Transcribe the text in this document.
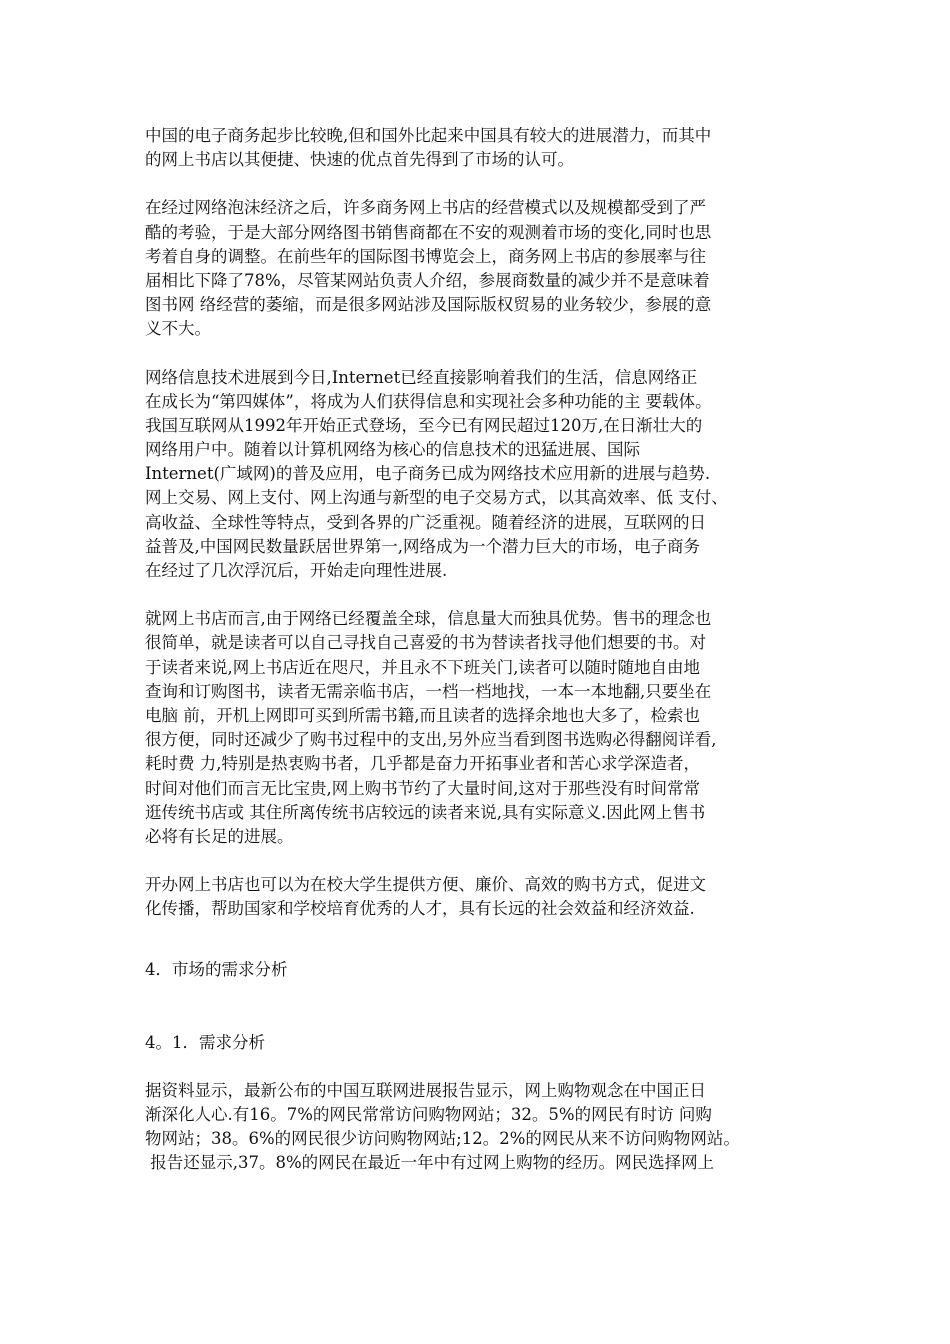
中国的电子商务起步比较晚,但和国外比起来中国具有较大的进展潜力，而其中
的网上书店以其便捷、快速的优点首先得到了市场的认可。
在经过网络泡沫经济之后，许多商务网上书店的经营模式以及规模都受到了严
酷的考验，于是大部分网络图书销售商都在不安的观测着市场的变化,同时也思
考着自身的调整。在前些年的国际图书博览会上，商务网上书店的参展率与往
届相比下降了78%，尽管某网站负责人介绍，参展商数量的减少并不是意味着
图书网 络经营的萎缩，而是很多网站涉及国际版权贸易的业务较少，参展的意
义不大。
网络信息技术进展到今日,Internet已经直接影响着我们的生活，信息网络正
在成长为“第四媒体”，将成为人们获得信息和实现社会多种功能的主 要载体。
我国互联网从1992年开始正式登场，至今已有网民超过120万,在日渐壮大的
网络用户中。随着以计算机网络为核心的信息技术的迅猛进展、国际
Internet(广域网)的普及应用，电子商务已成为网络技术应用新的进展与趋势.
网上交易、网上支付、网上沟通与新型的电子交易方式，以其高效率、低 支付、
高收益、全球性等特点，受到各界的广泛重视。随着经济的进展，互联网的日
益普及,中国网民数量跃居世界第一,网络成为一个潜力巨大的市场，电子商务
在经过了几次浮沉后，开始走向理性进展.
就网上书店而言,由于网络已经覆盖全球，信息量大而独具优势。售书的理念也
很简单，就是读者可以自己寻找自己喜爱的书为替读者找寻他们想要的书。对
于读者来说,网上书店近在咫尺，并且永不下班关门,读者可以随时随地自由地
查询和订购图书，读者无需亲临书店，一档一档地找，一本一本地翻,只要坐在
电脑 前，开机上网即可买到所需书籍,而且读者的选择余地也大多了，检索也
很方便，同时还减少了购书过程中的支出,另外应当看到图书选购必得翻阅详看,
耗时费 力,特别是热衷购书者，几乎都是奋力开拓事业者和苦心求学深造者，
时间对他们而言无比宝贵,网上购书节约了大量时间,这对于那些没有时间常常
逛传统书店或 其住所离传统书店较远的读者来说,具有实际意义.因此网上售书
必将有长足的进展。
开办网上书店也可以为在校大学生提供方便、廉价、高效的购书方式，促进文
化传播，帮助国家和学校培育优秀的人才，具有长远的社会效益和经济效益.
4．市场的需求分析
4。1．需求分析
据资料显示，最新公布的中国互联网进展报告显示，网上购物观念在中国正日
渐深化人心.有16。7%的网民常常访问购物网站；32。5%的网民有时访 问购
物网站；38。6%的网民很少访问购物网站;12。2%的网民从来不访问购物网站。
报告还显示,37。8%的网民在最近一年中有过网上购物的经历。网民选择网上
